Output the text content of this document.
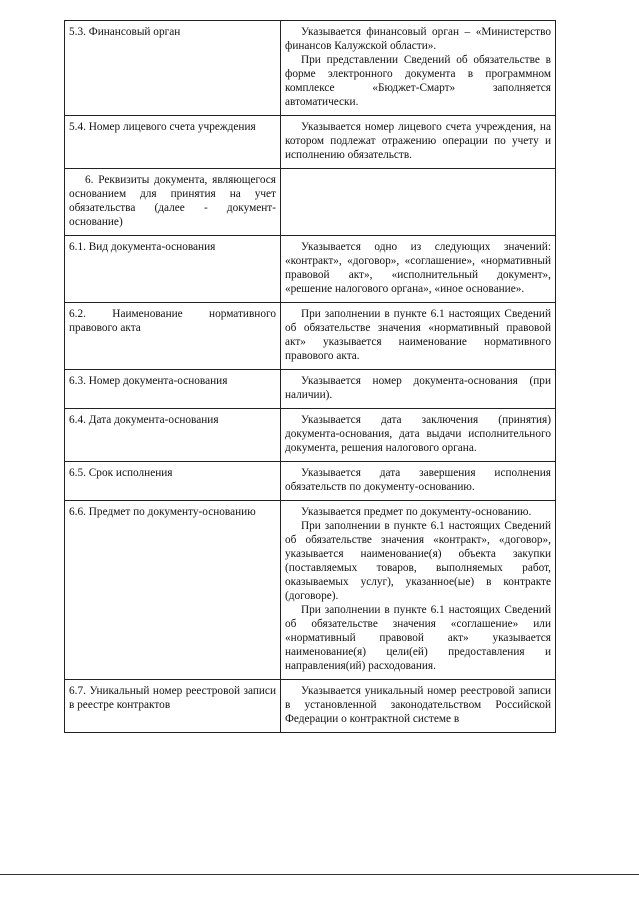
5.3. Финансовый орган	Указывается финансовый орган – «Министерство финансов Калужской области».

При представлении Сведений об обязательстве в форме электронного документа в программном комплексе «Бюджет-Смарт» заполняется автоматически.

5.4. Номер лицевого счета учреждения	Указывается номер лицевого счета учреждения, на котором подлежат отражению операции по учету и исполнению обязательств.

6. Реквизиты документа, являющегося основанием для принятия на учет обязательства (далее - документ-основание)	

6.1. Вид документа-основания	Указывается одно из следующих значений: «контракт», «договор», «соглашение», «нормативный правовой акт», «исполнительный документ», «решение налогового органа», «иное основание».

6.2. Наименование нормативного правового акта	При заполнении в пункте 6.1 настоящих Сведений об обязательстве значения «нормативный правовой акт» указывается наименование нормативного правового акта.

6.3. Номер документа-основания	Указывается номер документа-основания (при наличии).

6.4. Дата документа-основания	Указывается дата заключения (принятия) документа-основания, дата выдачи исполнительного документа, решения налогового органа.

6.5. Срок исполнения	Указывается дата завершения исполнения обязательств по документу-основанию.

6.6. Предмет по документу-основанию	Указывается предмет по документу-основанию.

При заполнении в пункте 6.1 настоящих Сведений об обязательстве значения «контракт», «договор», указывается наименование(я) объекта закупки (поставляемых товаров, выполняемых работ, оказываемых услуг), указанное(ые) в контракте (договоре).

При заполнении в пункте 6.1 настоящих Сведений об обязательстве значения «соглашение» или «нормативный правовой акт» указывается наименование(я) цели(ей) предоставления и направления(ий) расходования.

6.7. Уникальный номер реестровой записи в реестре контрактов	Указывается уникальный номер реестровой записи в установленной законодательством Российской Федерации о контрактной системе в
